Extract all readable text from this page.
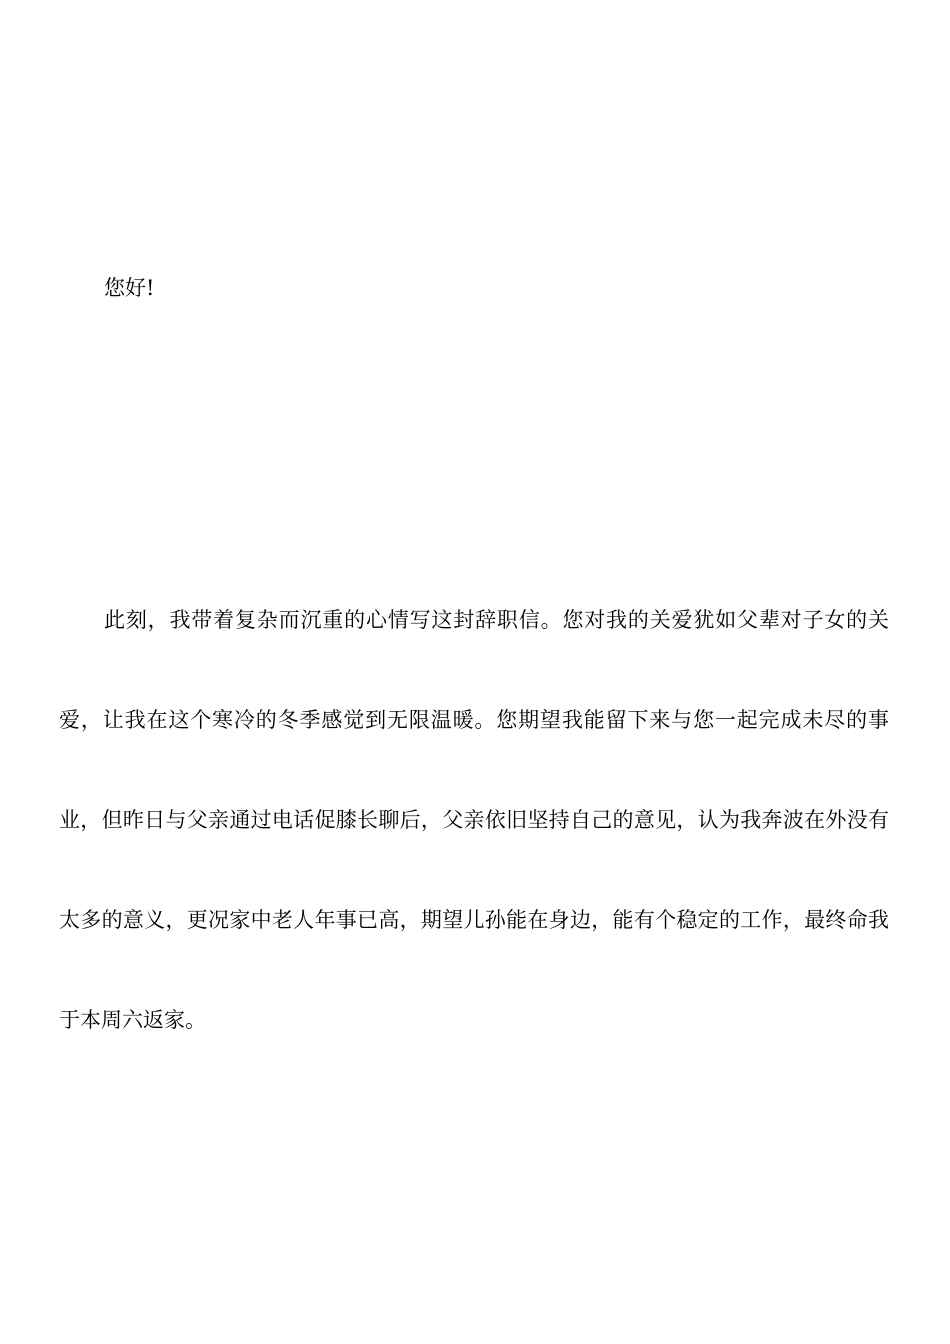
您好!

此刻，我带着复杂而沉重的心情写这封辞职信。您对我的关爱犹如父辈对子女的关爱，让我在这个寒冷的冬季感觉到无限温暖。您期望我能留下来与您一起完成未尽的事业，但昨日与父亲通过电话促膝长聊后，父亲依旧坚持自己的意见，认为我奔波在外没有太多的意义，更况家中老人年事已高，期望儿孙能在身边，能有个稳定的工作，最终命我于本周六返家。
